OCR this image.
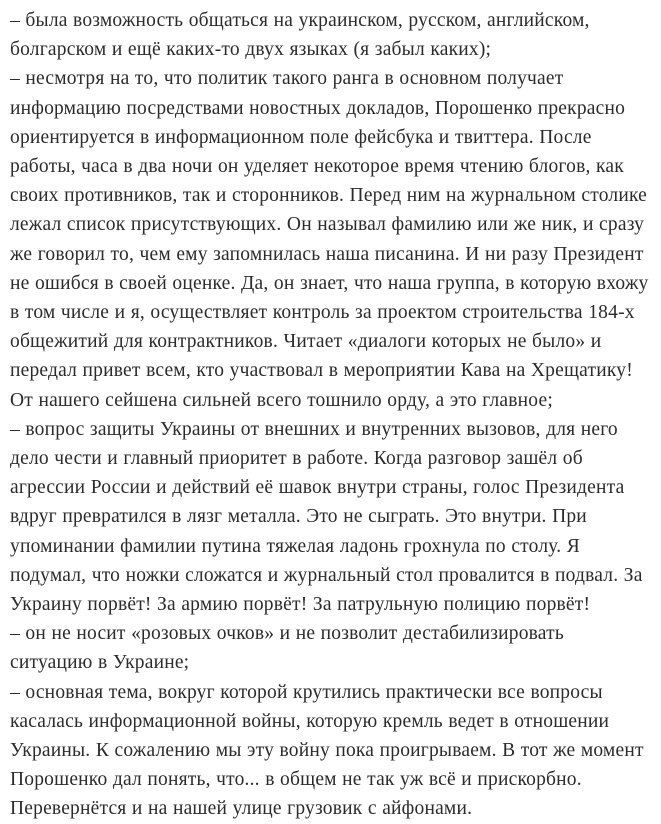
– была возможность общаться на украинском, русском, английском, болгарском и ещё каких-то двух языках (я забыл каких);

– несмотря на то, что политик такого ранга в основном получает информацию посредствами новостных докладов, Порошенко прекрасно ориентируется в информационном поле фейсбука и твиттера. После работы, часа в два ночи он уделяет некоторое время чтению блогов, как своих противников, так и сторонников. Перед ним на журнальном столике лежал список присутствующих. Он называл фамилию или же ник, и сразу же говорил то, чем ему запомнилась наша писанина. И ни разу Президент не ошибся в своей оценке. Да, он знает, что наша группа, в которую вхожу в том числе и я, осуществляет контроль за проектом строительства 184-х общежитий для контрактников. Читает «диалоги которых не было» и передал привет всем, кто участвовал в мероприятии Кава на Хрещатику! От нашего сейшена сильней всего тошнило орду, а это главное;

– вопрос защиты Украины от внешних и внутренних вызовов, для него дело чести и главный приоритет в работе. Когда разговор зашёл об агрессии России и действий её шавок внутри страны, голос Президента вдруг превратился в лязг металла. Это не сыграть. Это внутри. При упоминании фамилии путина тяжелая ладонь грохнула по столу. Я подумал, что ножки сложатся и журнальный стол провалится в подвал. За Украину порвёт! За армию порвёт! За патрульную полицию порвёт!

– он не носит «розовых очков» и не позволит дестабилизировать ситуацию в Украине;

– основная тема, вокруг которой крутились практически все вопросы касалась информационной войны, которую кремль ведет в отношении Украины. К сожалению мы эту войну пока проигрываем. В тот же момент Порошенко дал понять, что... в общем не так уж всё и прискорбно. Перевернётся и на нашей улице грузовик с айфонами.
